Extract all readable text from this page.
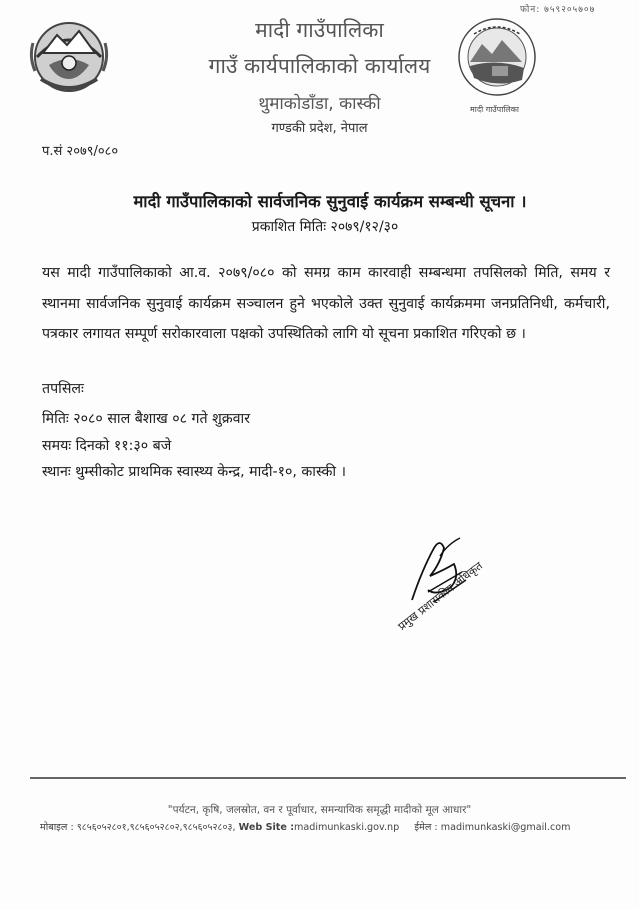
मादी गाउँपालिका
फोन: ७५९२०५७०७
मादी गाउँपालिका
गाउँ कार्यपालिकाको कार्यालय
थुमाकोडाँडा, कास्की
गण्डकी प्रदेश, नेपाल
प.सं २०७९/०८०
मादी गाउँपालिकाको सार्वजनिक सुनुवाई कार्यक्रम सम्बन्धी सूचना ।
प्रकाशित मितिः २०७९/१२/३०
यस मादी गाउँपालिकाको आ.व. २०७९/०८० को समग्र काम कारवाही सम्बन्धमा तपसिलको मिति, समय र स्थानमा सार्वजनिक सुनुवाई कार्यक्रम सञ्चालन हुने भएकोले उक्त सुनुवाई कार्यक्रममा जनप्रतिनिधी, कर्मचारी, पत्रकार लगायत सम्पूर्ण सरोकारवाला पक्षको उपस्थितिको लागि यो सूचना प्रकाशित गरिएको छ ।
तपसिलः
मितिः २०८० साल बैशाख ०८ गते शुक्रवार
समयः दिनको ११:३० बजे
स्थानः थुम्सीकोट प्राथमिक स्वास्थ्य केन्द्र, मादी-१०, कास्की ।
प्रमुख प्रशासकीय अधिकृत
"पर्यटन, कृषि, जलस्रोत, वन र पूर्वाधार, समन्यायिक समृद्धी मादीको मूल आधार"
मोबाइल : ९८५६०५२८०१,९८५६०५२८०२,९८५६०५२८०३, Web Site :madimunkaski.gov.np ईमेल : madimunkaski@gmail.com
